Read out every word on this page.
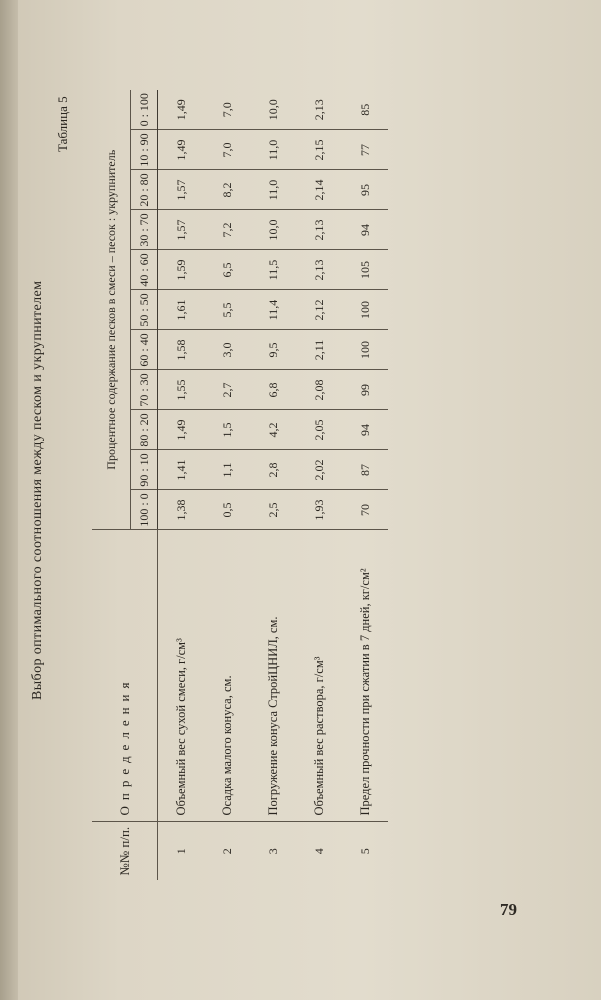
Выбор оптимального соотношения между песком и укрупнителем
Таблица 5
№№ п/п.	Определения	Процентное содержание песков в смеси – песок : укрупнитель										
		100 : 0	90 : 10	80 : 20	70 : 30	60 : 40	50 : 50	40 : 60	30 : 70	20 : 80	10 : 90	0 : 100
1	Объемный вес сухой смеси, г/см³	1,38	1,41	1,49	1,55	1,58	1,61	1,59	1,57	1,57	1,49	1,49
2	Осадка малого конуса, см.	0,5	1,1	1,5	2,7	3,0	5,5	6,5	7,2	8,2	7,0	7,0
3	Погружение конуса СтройЦНИЛ, см.	2,5	2,8	4,2	6,8	9,5	11,4	11,5	10,0	11,0	11,0	10,0
4	Объемный вес раствора, г/см³	1,93	2,02	2,05	2,08	2,11	2,12	2,13	2,13	2,14	2,15	2,13
5	Предел прочности при сжатии в 7 дней, кг/см²	70	87	94	99	100	100	105	94	95	77	85
79
